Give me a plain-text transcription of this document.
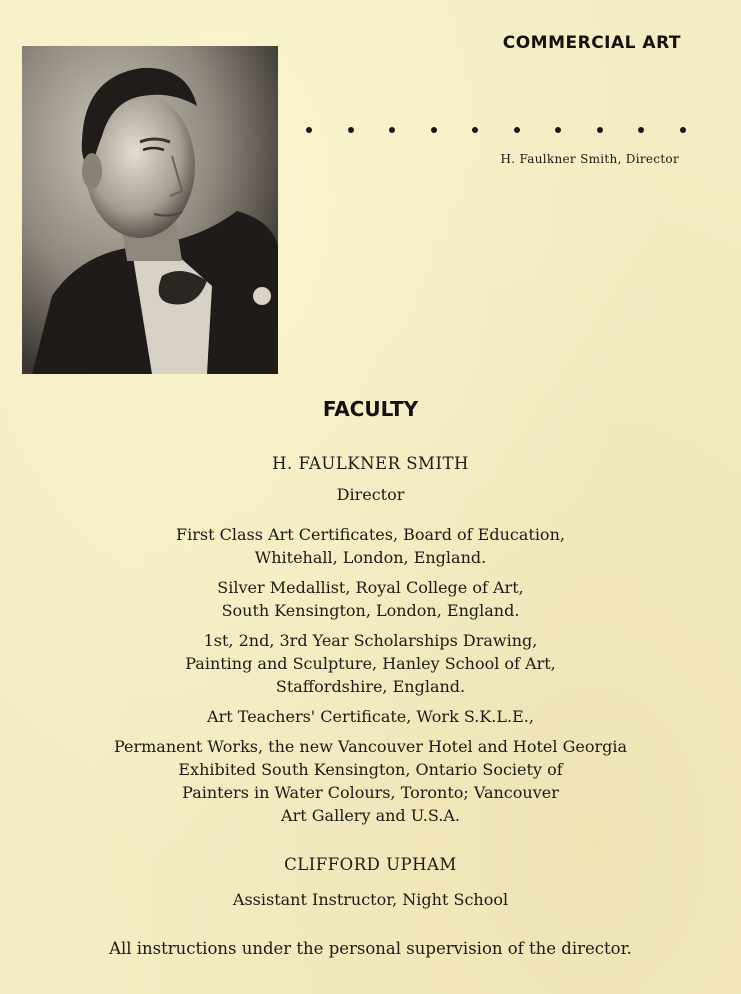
COMMERCIAL ART
H. Faulkner Smith, Director
FACULTY
H. FAULKNER SMITH
Director
First Class Art Certificates, Board of Education,
Whitehall, London, England.
Silver Medallist, Royal College of Art,
South Kensington, London, England.
1st, 2nd, 3rd Year Scholarships Drawing,
Painting and Sculpture, Hanley School of Art,
Staffordshire, England.
Art Teachers' Certificate, Work S.K.L.E.,
Permanent Works, the new Vancouver Hotel and Hotel Georgia
Exhibited South Kensington, Ontario Society of
Painters in Water Colours, Toronto; Vancouver
Art Gallery and U.S.A.
CLIFFORD UPHAM
Assistant Instructor, Night School
All instructions under the personal supervision of the director.
